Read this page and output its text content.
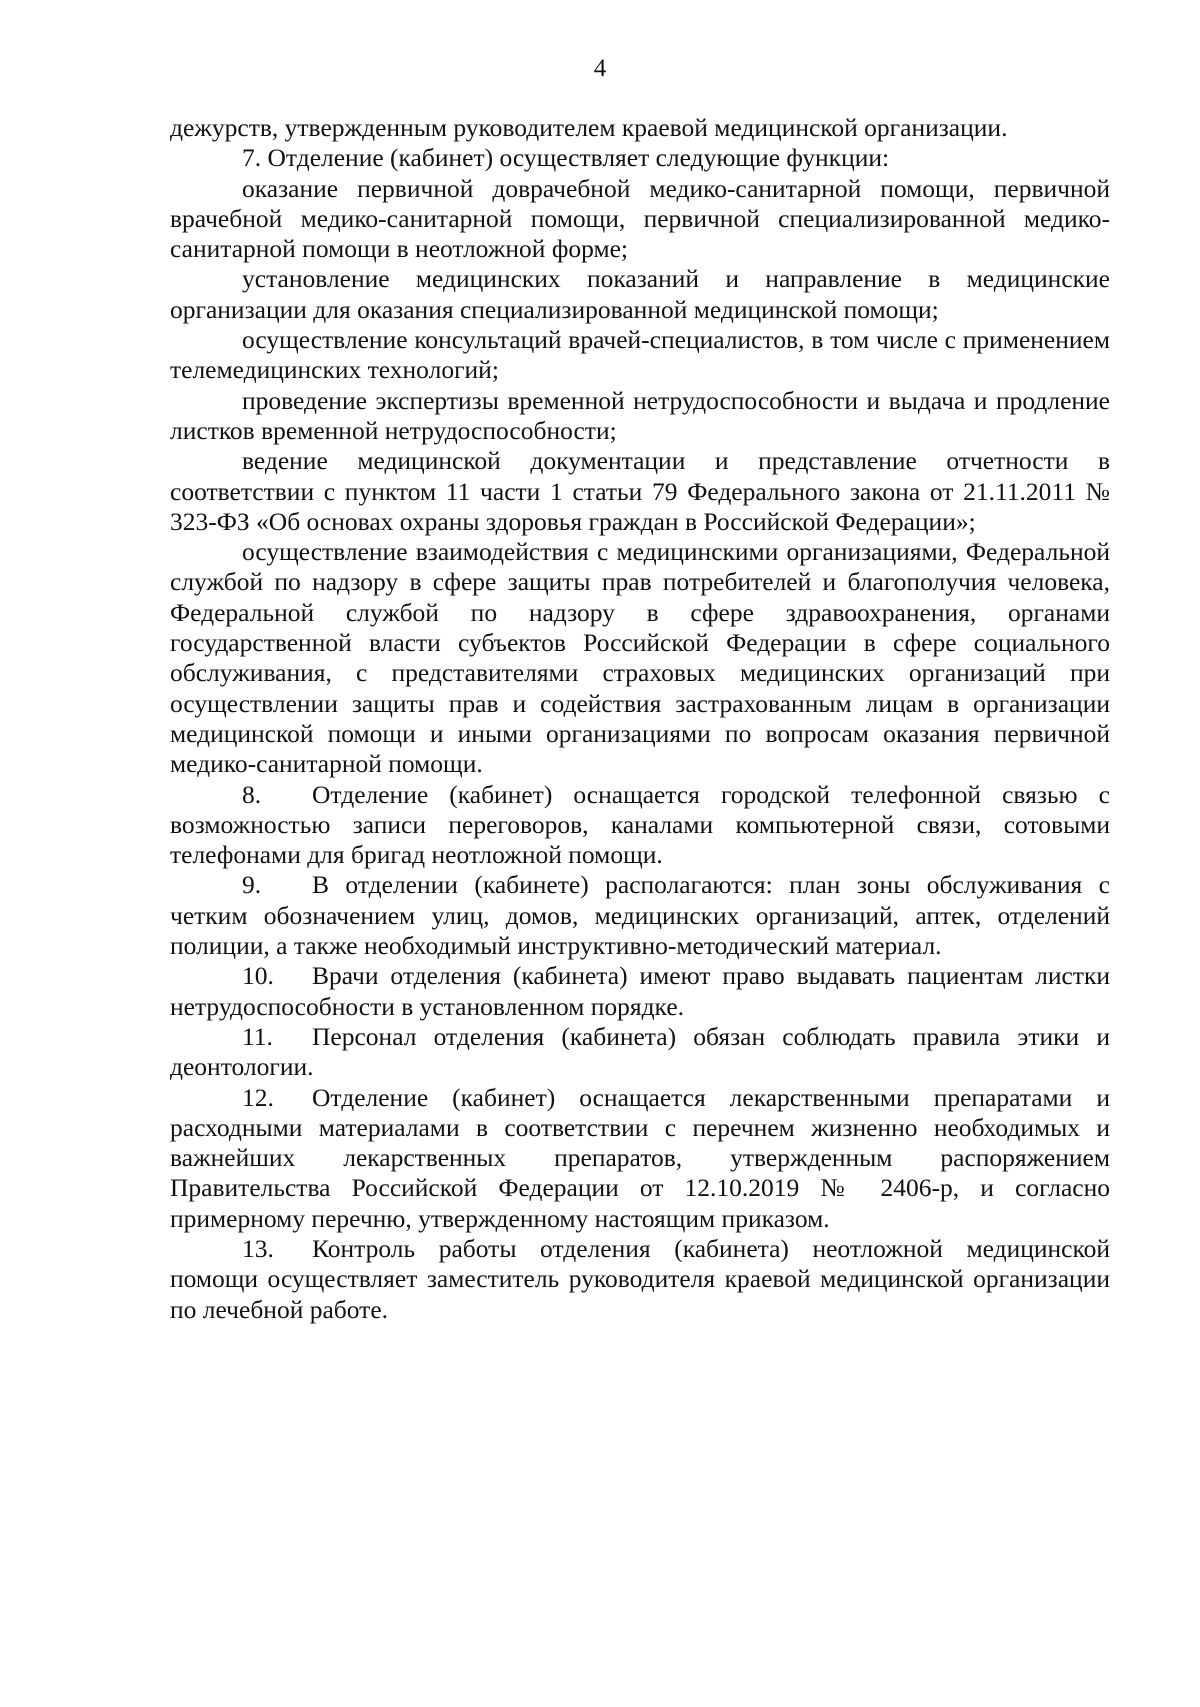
4

дежурств, утвержденным руководителем краевой медицинской организации.

7. Отделение (кабинет) осуществляет следующие функции:

оказание первичной доврачебной медико-санитарной помощи, первичной врачебной медико-санитарной помощи, первичной специализированной медико-санитарной помощи в неотложной форме;

установление медицинских показаний и направление в медицинские организации для оказания специализированной медицинской помощи;

осуществление консультаций врачей-специалистов, в том числе с применением телемедицинских технологий;

проведение экспертизы временной нетрудоспособности и выдача и продление листков временной нетрудоспособности;

ведение медицинской документации и представление отчетности в соответствии с пунктом 11 части 1 статьи 79 Федерального закона от 21.11.2011 № 323-ФЗ «Об основах охраны здоровья граждан в Российской Федерации»;

осуществление взаимодействия с медицинскими организациями, Федеральной службой по надзору в сфере защиты прав потребителей и благополучия человека, Федеральной службой по надзору в сфере здравоохранения, органами государственной власти субъектов Российской Федерации в сфере социального обслуживания, с представителями страховых медицинских организаций при осуществлении защиты прав и содействия застрахованным лицам в организации медицинской помощи и иными организациями по вопросам оказания первичной медико-санитарной помощи.

8. Отделение (кабинет) оснащается городской телефонной связью с возможностью записи переговоров, каналами компьютерной связи, сотовыми телефонами для бригад неотложной помощи.

9. В отделении (кабинете) располагаются: план зоны обслуживания с четким обозначением улиц, домов, медицинских организаций, аптек, отделений полиции, а также необходимый инструктивно-методический материал.

10. Врачи отделения (кабинета) имеют право выдавать пациентам листки нетрудоспособности в установленном порядке.

11. Персонал отделения (кабинета) обязан соблюдать правила этики и деонтологии.

12. Отделение (кабинет) оснащается лекарственными препаратами и расходными материалами в соответствии с перечнем жизненно необходимых и важнейших лекарственных препаратов, утвержденным распоряжением Правительства Российской Федерации от 12.10.2019 № 2406-р, и согласно примерному перечню, утвержденному настоящим приказом.

13. Контроль работы отделения (кабинета) неотложной медицинской помощи осуществляет заместитель руководителя краевой медицинской организации по лечебной работе.
